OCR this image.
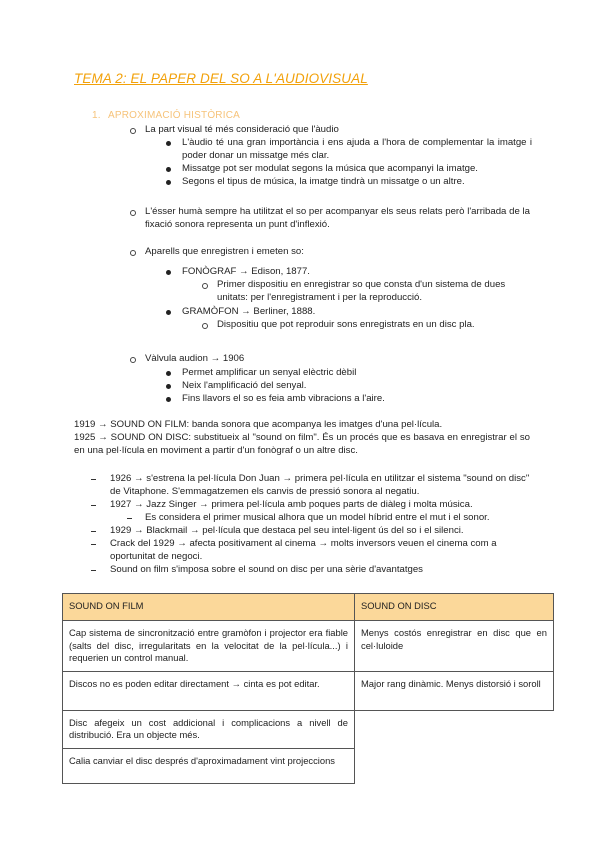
TEMA 2: EL PAPER DEL SO A L'AUDIOVISUAL
1. APROXIMACIÓ HISTÒRICA
La part visual té més consideració que l'àudio
L'àudio té una gran importància i ens ajuda a l'hora de complementar la imatge i poder donar un missatge més clar.
Missatge pot ser modulat segons la música que acompanyi la imatge.
Segons el tipus de música, la imatge tindrà un missatge o un altre.
L'ésser humà sempre ha utilitzat el so per acompanyar els seus relats però l'arribada de la fixació sonora representa un punt d'inflexió.
Aparells que enregistren i emeten so:
FONÒGRAF → Edison, 1877.
Primer dispositiu en enregistrar so que consta d'un sistema de dues unitats: per l'enregistrament i per la reproducció.
GRAMÒFON → Berliner, 1888.
Dispositiu que pot reproduir sons enregistrats en un disc pla.
Vàlvula audion → 1906
Permet amplificar un senyal elèctric dèbil
Neix l'amplificació del senyal.
Fins llavors el so es feia amb vibracions a l'aire.
1919 → SOUND ON FILM: banda sonora que acompanya les imatges d'una pel·lícula.
1925 → SOUND ON DISC: substitueix al "sound on film". És un procés que es basava en enregistrar el so en una pel·lícula en moviment a partir d'un fonògraf o un altre disc.
1926 → s'estrena la pel·lícula Don Juan → primera pel·lícula en utilitzar el sistema "sound on disc" de Vitaphone. S'emmagatzemen els canvis de pressió sonora al negatiu.
1927 → Jazz Singer → primera pel·lícula amb poques parts de diàleg i molta música.
Es considera el primer musical alhora que un model híbrid entre el mut i el sonor.
1929 → Blackmail → pel·lícula que destaca pel seu intel·ligent ús del so i el silenci.
Crack del 1929 → afecta positivament al cinema → molts inversors veuen el cinema com a oportunitat de negoci.
Sound on film s'imposa sobre el sound on disc per una sèrie d'avantatges
SOUND ON FILM	SOUND ON DISC
Cap sistema de sincronització entre gramòfon i projector era fiable (salts del disc, irregularitats en la velocitat de la pel·lícula...) i requerien un control manual.	Menys costós enregistrar en disc que en cel·luloide
Discos no es poden editar directament → cinta es pot editar.	Major rang dinàmic. Menys distorsió i soroll
Disc afegeix un cost addicional i complicacions a nivell de distribució. Era un objecte més.	
Calia canviar el disc després d'aproximadament vint projeccions	
